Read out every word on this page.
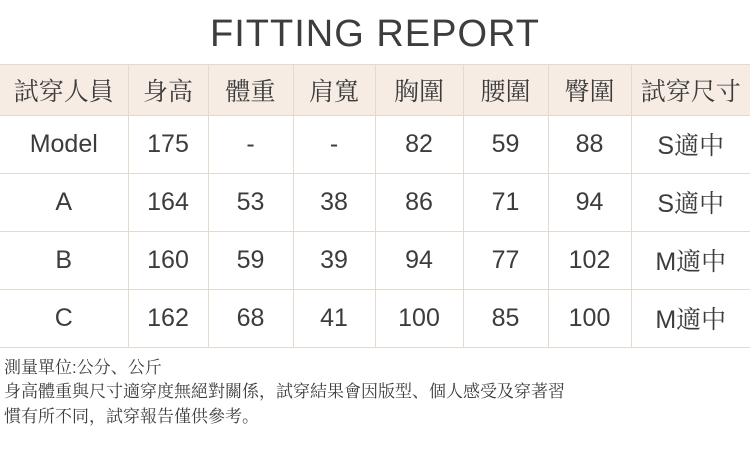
FITTING REPORT
試穿人員	身高	體重	肩寬	胸圍	腰圍	臀圍	試穿尺寸
Model	175	-	-	82	59	88	S適中
A	164	53	38	86	71	94	S適中
B	160	59	39	94	77	102	M適中
C	162	68	41	100	85	100	M適中
測量單位:公分、公斤
身高體重與尺寸適穿度無絕對關係，試穿結果會因版型、個人感受及穿著習
慣有所不同，試穿報告僅供參考。
